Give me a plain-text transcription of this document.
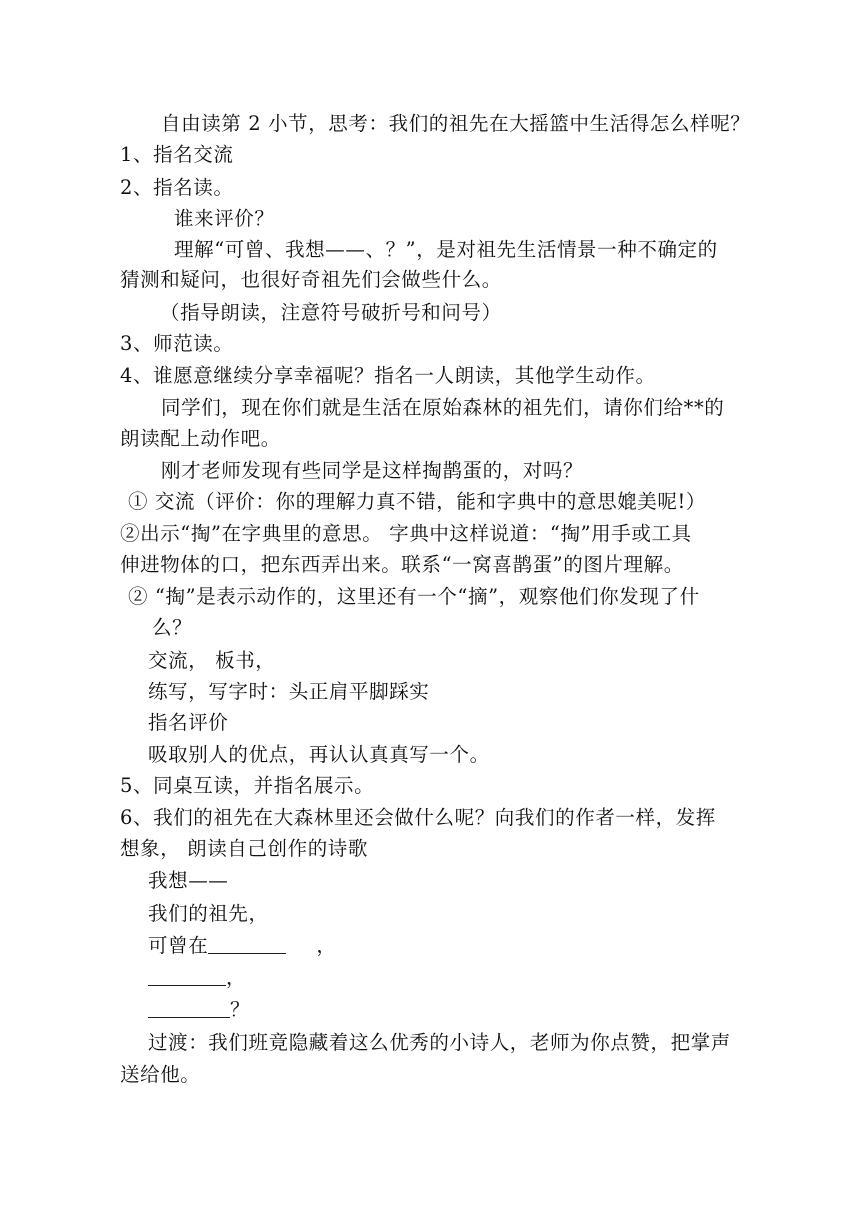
自由读第 2 小节，思考：我们的祖先在大摇篮中生活得怎么样呢？
1、指名交流
2、指名读。
谁来评价？
理解“可曾、我想——、？”，是对祖先生活情景一种不确定的
猜测和疑问，也很好奇祖先们会做些什么。
（指导朗读，注意符号破折号和问号）
3、师范读。
4、谁愿意继续分享幸福呢？指名一人朗读，其他学生动作。
同学们，现在你们就是生活在原始森林的祖先们，请你们给**的
朗读配上动作吧。
刚才老师发现有些同学是这样掏鹊蛋的，对吗？
① 交流（评价：你的理解力真不错，能和字典中的意思媲美呢!）
②出示“掏”在字典里的意思。 字典中这样说道：“掏”用手或工具
伸进物体的口，把东西弄出来。联系“一窝喜鹊蛋”的图片理解。
② “掏”是表示动作的，这里还有一个“摘”，观察他们你发现了什
么？
交流， 板书，
练写，写字时：头正肩平脚踩实
指名评价
吸取别人的优点，再认认真真写一个。
5、同桌互读，并指名展示。
6、我们的祖先在大森林里还会做什么呢？向我们的作者一样，发挥
想象， 朗读自己创作的诗歌
我想——
我们的祖先，
可曾在	，
，
？
过渡：我们班竟隐藏着这么优秀的小诗人，老师为你点赞，把掌声
送给他。
